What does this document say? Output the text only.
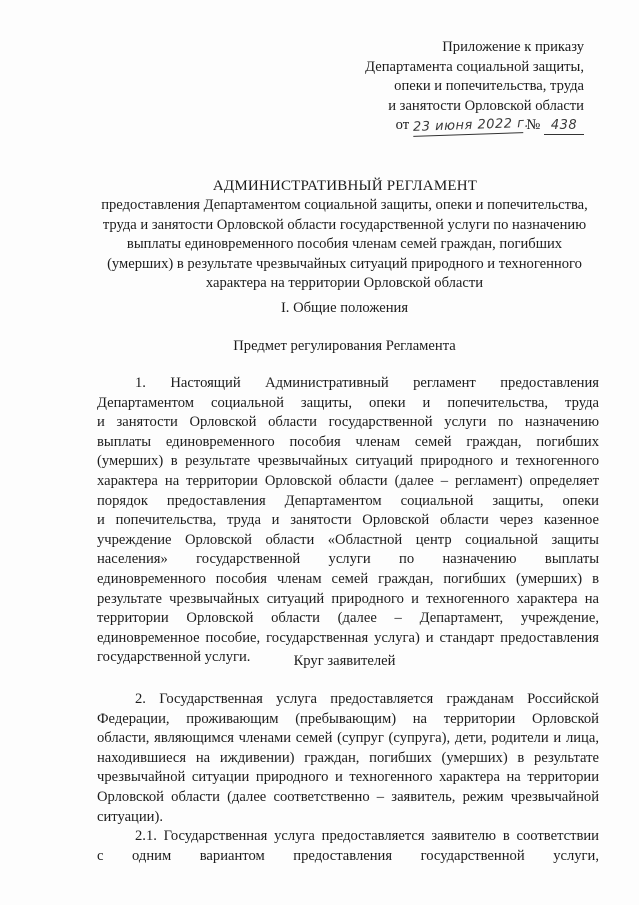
Приложение к приказу
Департамента социальной защиты,
опеки и попечительства, труда
и занятости Орловской области
от 23 июня 2022 г. № 438
АДМИНИСТРАТИВНЫЙ РЕГЛАМЕНТ
предоставления Департаментом социальной защиты, опеки и попечительства,
труда и занятости Орловской области государственной услуги по назначению
выплаты единовременного пособия членам семей граждан, погибших
(умерших) в результате чрезвычайных ситуаций природного и техногенного
характера на территории Орловской области
I. Общие положения
Предмет регулирования Регламента
1. Настоящий Административный регламент предоставления
Департаментом социальной защиты, опеки и попечительства, труда
и занятости Орловской области государственной услуги по назначению
выплаты единовременного пособия членам семей граждан, погибших
(умерших) в результате чрезвычайных ситуаций природного и техногенного
характера на территории Орловской области (далее – регламент) определяет
порядок предоставления Департаментом социальной защиты, опеки
и попечительства, труда и занятости Орловской области через казенное
учреждение Орловской области «Областной центр социальной защиты
населения» государственной услуги по назначению выплаты
единовременного пособия членам семей граждан, погибших (умерших) в
результате чрезвычайных ситуаций природного и техногенного характера на
территории Орловской области (далее – Департамент, учреждение,
единовременное пособие, государственная услуга) и стандарт предоставления
государственной услуги.	Круг заявителей
2. Государственная услуга предоставляется гражданам Российской
Федерации, проживающим (пребывающим) на территории Орловской
области, являющимся членами семей (супруг (супруга), дети, родители и лица,
находившиеся на иждивении) граждан, погибших (умерших) в результате
чрезвычайной ситуации природного и техногенного характера на территории
Орловской области (далее соответственно – заявитель, режим чрезвычайной
ситуации).
2.1. Государственная услуга предоставляется заявителю в соответствии
с одним вариантом предоставления государственной услуги,
